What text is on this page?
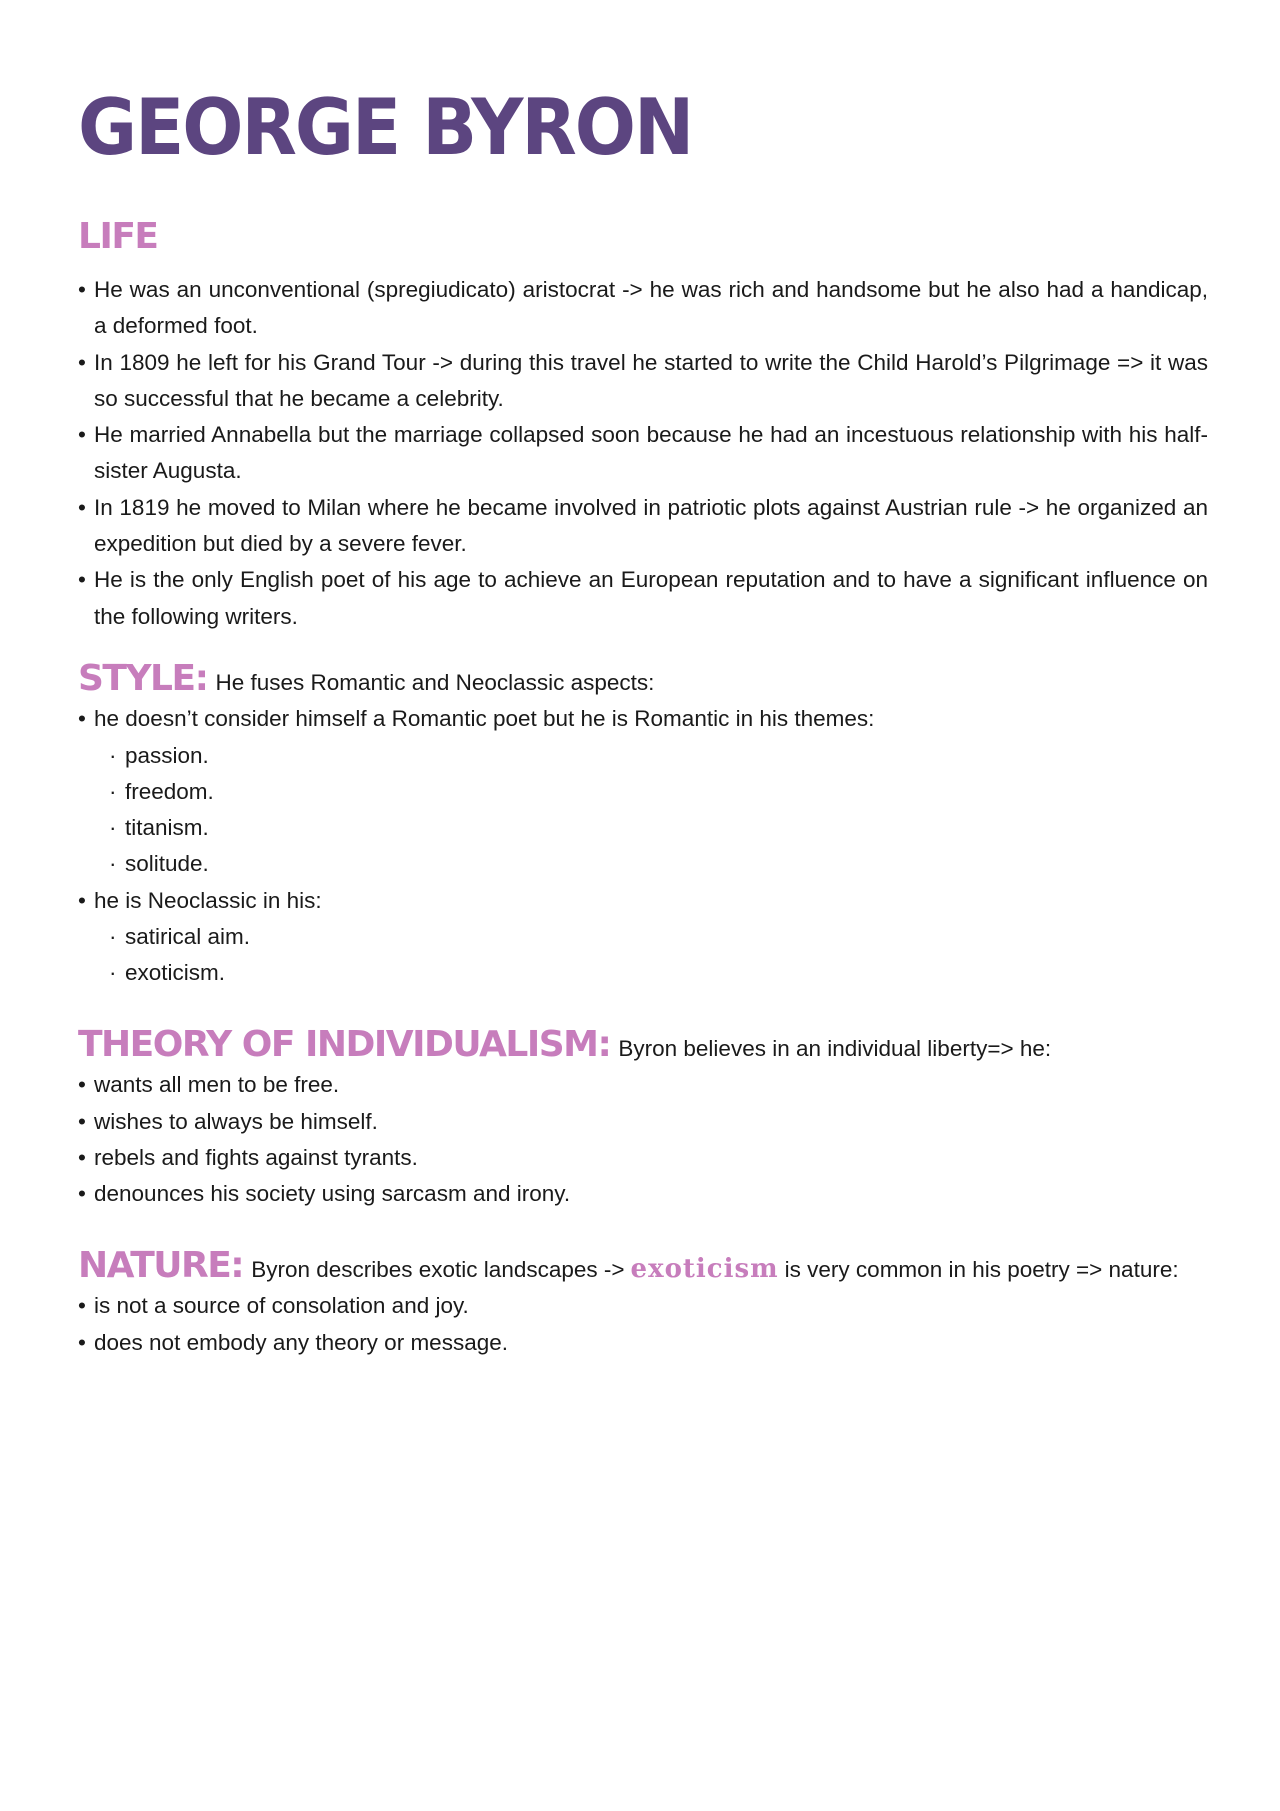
GEORGE BYRON
LIFE
• He was an unconventional (spregiudicato) aristocrat -> he was rich and handsome but he also had a handicap, a deformed foot.
• In 1809 he left for his Grand Tour -> during this travel he started to write the Child Harold’s Pilgrimage => it was so successful that he became a celebrity.
• He married Annabella but the marriage collapsed soon because he had an incestuous relationship with his half-sister Augusta.
• In 1819 he moved to Milan where he became involved in patriotic plots against Austrian rule -> he organized an expedition but died by a severe fever.
• He is the only English poet of his age to achieve an European reputation and to have a significant influence on the following writers.
STYLE: He fuses Romantic and Neoclassic aspects:
• he doesn’t consider himself a Romantic poet but he is Romantic in his themes:
· passion.
· freedom.
· titanism.
· solitude.
• he is Neoclassic in his:
· satirical aim.
· exoticism.
THEORY OF INDIVIDUALISM: Byron believes in an individual liberty=> he:
• wants all men to be free.
• wishes to always be himself.
• rebels and fights against tyrants.
• denounces his society using sarcasm and irony.
NATURE: Byron describes exotic landscapes -> exoticism is very common in his poetry => nature:
• is not a source of consolation and joy.
• does not embody any theory or message.
